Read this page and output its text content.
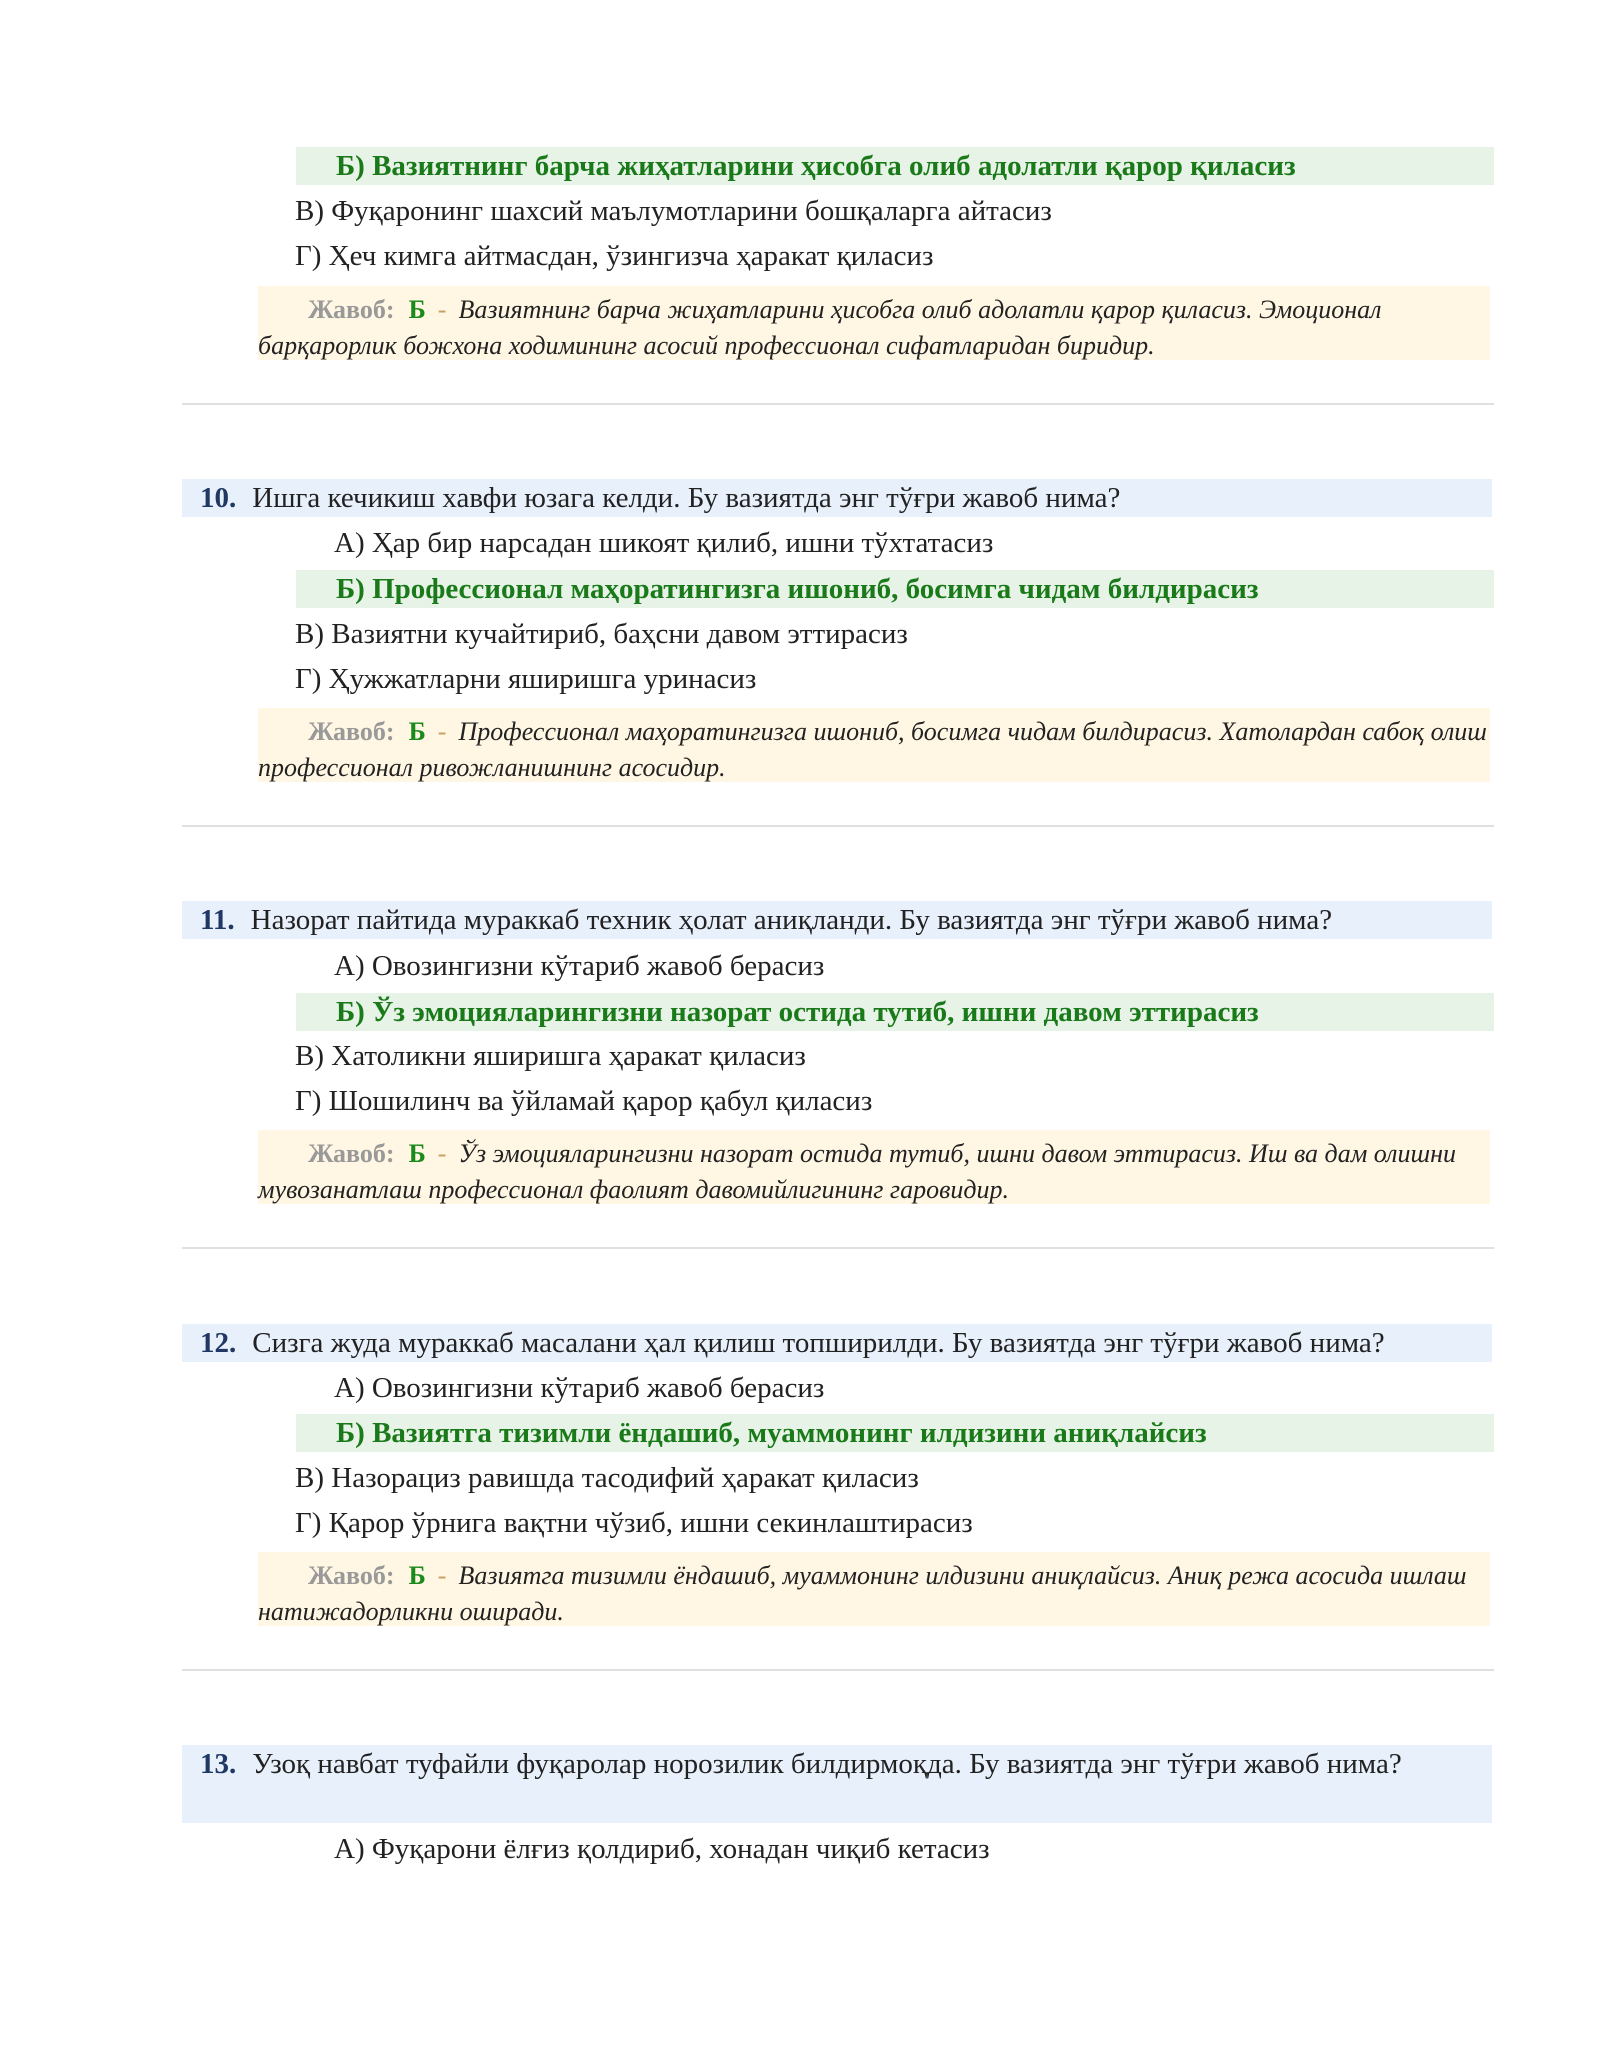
Б) Вазиятнинг барча жиҳатларини ҳисобга олиб адолатли қарор қиласиз
В) Фуқаронинг шахсий маълумотларини бошқаларга айтасиз
Г) Ҳеч кимга айтмасдан, ўзингизча ҳаракат қиласиз
Жавоб: Б - Вазиятнинг барча жиҳатларини ҳисобга олиб адолатли қарор қиласиз. Эмоционал барқарорлик божхона ходимининг асосий профессионал сифатларидан биридир.
10. Ишга кечикиш хавфи юзага келди. Бу вазиятда энг тўғри жавоб нима?
А) Ҳар бир нарсадан шикоят қилиб, ишни тўхтатасиз
Б) Профессионал маҳоратингизга ишониб, босимга чидам билдирасиз
В) Вазиятни кучайтириб, баҳсни давом эттирасиз
Г) Ҳужжатларни яширишга уринасиз
Жавоб: Б - Профессионал маҳоратингизга ишониб, босимга чидам билдирасиз. Хатолардан сабоқ олиш профессионал ривожланишнинг асосидир.
11. Назорат пайтида мураккаб техник ҳолат аниқланди. Бу вазиятда энг тўғри жавоб нима?
А) Овозингизни кўтариб жавоб берасиз
Б) Ўз эмоцияларингизни назорат остида тутиб, ишни давом эттирасиз
В) Хатоликни яширишга ҳаракат қиласиз
Г) Шошилинч ва ўйламай қарор қабул қиласиз
Жавоб: Б - Ўз эмоцияларингизни назорат остида тутиб, ишни давом эттирасиз. Иш ва дам олишни мувозанатлаш профессионал фаолият давомийлигининг гаровидир.
12. Сизга жуда мураккаб масалани ҳал қилиш топширилди. Бу вазиятда энг тўғри жавоб нима?
А) Овозингизни кўтариб жавоб берасиз
Б) Вазиятга тизимли ёндашиб, муаммонинг илдизини аниқлайсиз
В) Назорациз равишда тасодифий ҳаракат қиласиз
Г) Қарор ўрнига вақтни чўзиб, ишни секинлаштирасиз
Жавоб: Б - Вазиятга тизимли ёндашиб, муаммонинг илдизини аниқлайсиз. Аниқ режа асосида ишлаш натижадорликни оширади.
13. Узоқ навбат туфайли фуқаролар норозилик билдирмоқда. Бу вазиятда энг тўғри жавоб нима?
А) Фуқарони ёлғиз қолдириб, хонадан чиқиб кетасиз
